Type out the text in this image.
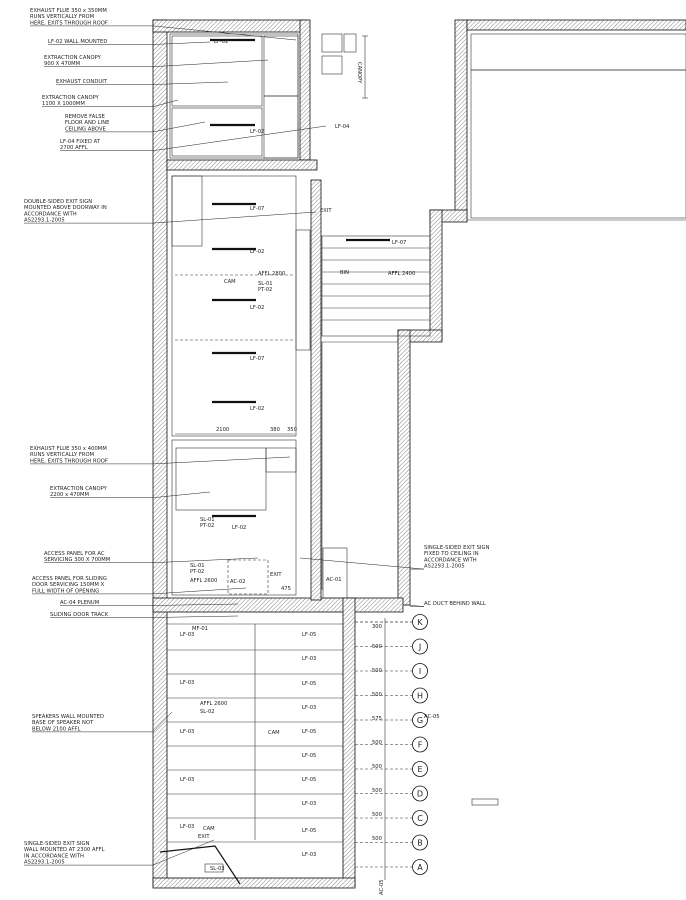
EXHAUST FLUE 350 x 350MM
RUNS VERTICALLY FROM
HERE, EXITS THROUGH ROOF
LF-02 WALL MOUNTED
EXTRACTION CANOPY
900 X 470MM
EXHAUST CONDUIT
EXTRACTION CANOPY
1100 X 1000MM
REMOVE FALSE
FLOOR AND LINE
CEILING ABOVE
LF-04 FIXED AT
2700 AFFL
DOUBLE-SIDED EXIT SIGN
MOUNTED ABOVE DOORWAY IN
ACCORDANCE WITH
AS2293.1-2005
EXHAUST FLUE 350 x 400MM
RUNS VERTICALLY FROM
HERE, EXITS THROUGH ROOF
EXTRACTION CANOPY
2200 x 470MM
ACCESS PANEL FOR AC
SERVICING 300 X 700MM
ACCESS PANEL FOR SLIDING
DOOR SERVICING 150MM X
FULL WIDTH OF OPENING
AC-04 PLENUM
SLIDING DOOR TRACK
SPEAKERS WALL MOUNTED
BASE OF SPEAKER NOT
BELOW 2100 AFFL
SINGLE-SIDED EXIT SIGN
WALL MOUNTED AT 2300 AFFL
IN ACCORDANCE WITH
AS2293.1-2005
SINGLE-SIDED EXIT SIGN
FIXED TO CEILING IN
ACCORDANCE WITH
AS2293.1-2005
AC DUCT BEHIND WALL
LF-02
LF-02
LF-04
CANOPY
LF-07	EXIT
LF-07
LF-02
CAM
AFFL 2800
SL-01
PT-02
BIN	AFFL 2400
LF-02
LF-07
LF-02
2100	380 350
SL-01
PT-02	LF-02
SL-01
PT-02
AFFL 2600 AC-02
EXIT
475
AC-01
MF-01
SL-03
LF-03
LF-03
LF-03
LF-03
LF-03 CAM
EXIT
LF-05
LF-03
LF-05
LF-03
LF-05
LF-05
LF-05
LF-03
LF-05
LF-03
CAM
AFFL 2600
SL-02
AC-05
300
500
500
500
575
500
500
500
500
500
AC-05
K
J
I
H
G
F
E
D
C
B
A
